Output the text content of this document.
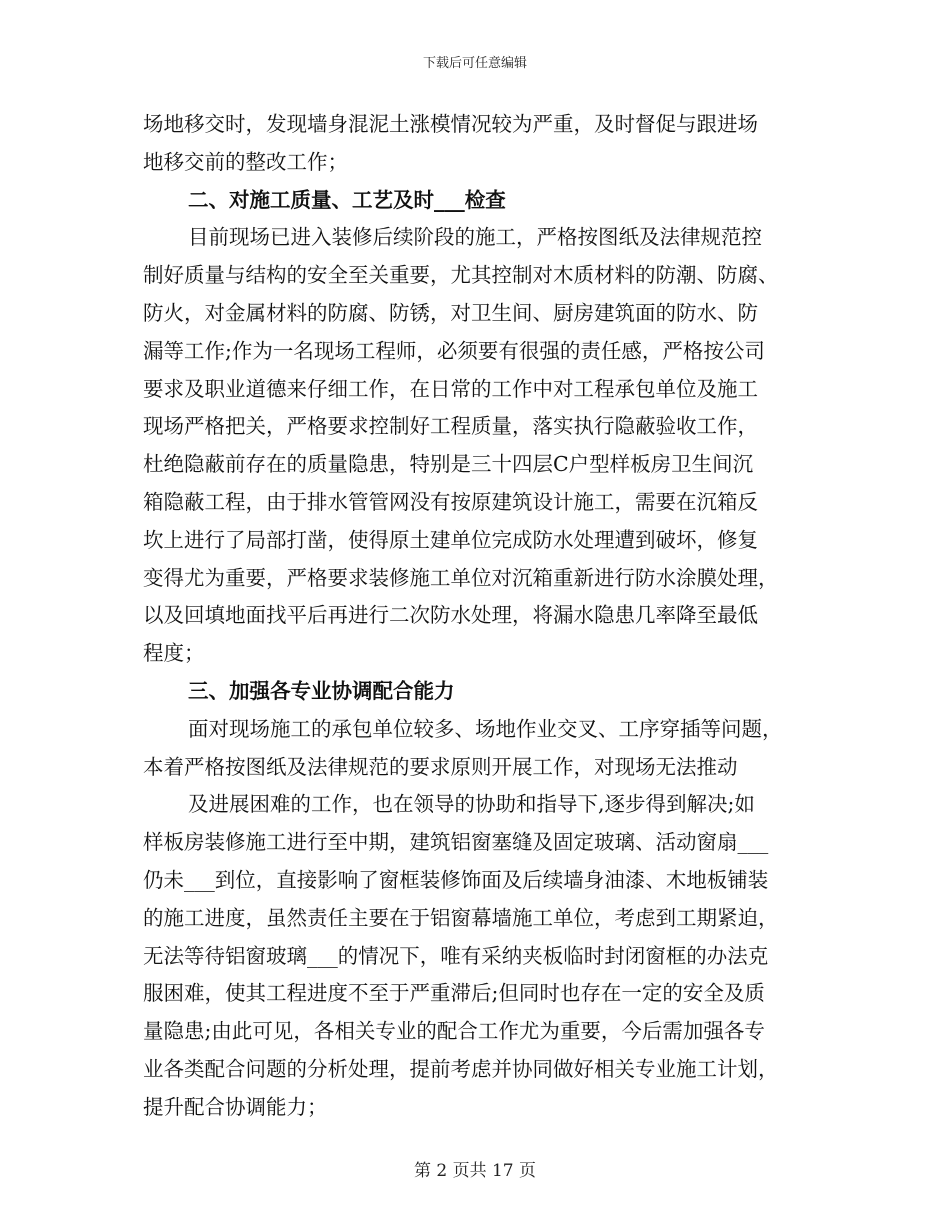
下载后可任意编辑
场地移交时，发现墙身混泥土涨模情况较为严重，及时督促与跟进场
地移交前的整改工作；
二、对施工质量、工艺及时___检查
目前现场已进入装修后续阶段的施工，严格按图纸及法律规范控
制好质量与结构的安全至关重要，尤其控制对木质材料的防潮、防腐、
防火，对金属材料的防腐、防锈，对卫生间、厨房建筑面的防水、防
漏等工作;作为一名现场工程师，必须要有很强的责任感，严格按公司
要求及职业道德来仔细工作，在日常的工作中对工程承包单位及施工
现场严格把关，严格要求控制好工程质量，落实执行隐蔽验收工作，
杜绝隐蔽前存在的质量隐患，特别是三十四层C户型样板房卫生间沉
箱隐蔽工程，由于排水管管网没有按原建筑设计施工，需要在沉箱反
坎上进行了局部打凿，使得原土建单位完成防水处理遭到破坏，修复
变得尤为重要，严格要求装修施工单位对沉箱重新进行防水涂膜处理，
以及回填地面找平后再进行二次防水处理，将漏水隐患几率降至最低
程度；
三、加强各专业协调配合能力
面对现场施工的承包单位较多、场地作业交叉、工序穿插等问题，
本着严格按图纸及法律规范的要求原则开展工作，对现场无法推动
及进展困难的工作，也在领导的协助和指导下,逐步得到解决;如
样板房装修施工进行至中期，建筑铝窗塞缝及固定玻璃、活动窗扇___
仍未___到位，直接影响了窗框装修饰面及后续墙身油漆、木地板铺装
的施工进度，虽然责任主要在于铝窗幕墙施工单位，考虑到工期紧迫，
无法等待铝窗玻璃___的情况下，唯有采纳夹板临时封闭窗框的办法克
服困难，使其工程进度不至于严重滞后;但同时也存在一定的安全及质
量隐患;由此可见，各相关专业的配合工作尤为重要，今后需加强各专
业各类配合问题的分析处理，提前考虑并协同做好相关专业施工计划，
提升配合协调能力；
第 2 页共 17 页
